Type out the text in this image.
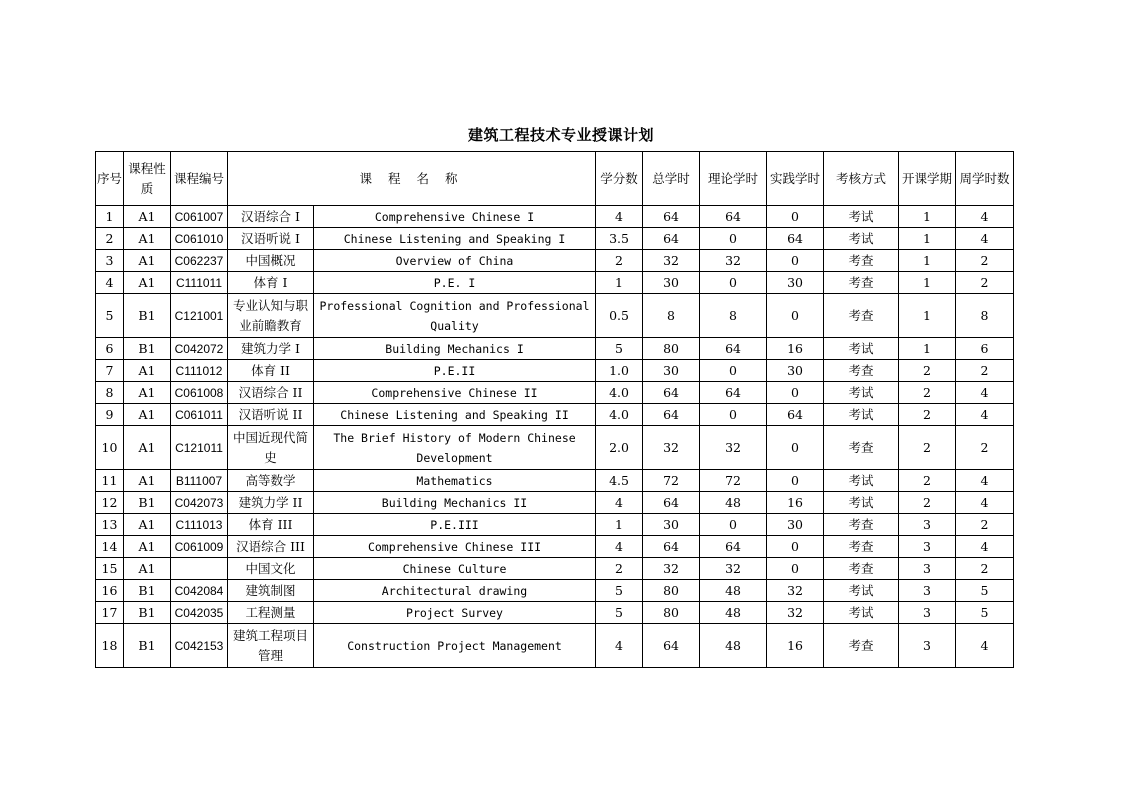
建筑工程技术专业授课计划
序号	课程性质	课程编号	课 程 名 称		学分数	总学时	理论学时	实践学时	考核方式	开课学期	周学时数
1	A1	C061007	汉语综合 I	Comprehensive Chinese I	4	64	64	0	考试	1	4
2	A1	C061010	汉语听说 I	Chinese Listening and Speaking I	3.5	64	0	64	考试	1	4
3	A1	C062237	中国概况	Overview of China	2	32	32	0	考查	1	2
4	A1	C111011	体育 I	P.E. I	1	30	0	30	考查	1	2
5	B1	C121001	专业认知与职业前瞻教育	Professional Cognition and Professional Quality	0.5	8	8	0	考查	1	8
6	B1	C042072	建筑力学 I	Building Mechanics I	5	80	64	16	考试	1	6
7	A1	C111012	体育 II	P.E.II	1.0	30	0	30	考查	2	2
8	A1	C061008	汉语综合 II	Comprehensive Chinese II	4.0	64	64	0	考试	2	4
9	A1	C061011	汉语听说 II	Chinese Listening and Speaking II	4.0	64	0	64	考试	2	4
10	A1	C121011	中国近现代简史	The Brief History of Modern Chinese Development	2.0	32	32	0	考查	2	2
11	A1	B111007	高等数学	Mathematics	4.5	72	72	0	考试	2	4
12	B1	C042073	建筑力学 II	Building Mechanics II	4	64	48	16	考试	2	4
13	A1	C111013	体育 III	P.E.III	1	30	0	30	考查	3	2
14	A1	C061009	汉语综合 III	Comprehensive Chinese III	4	64	64	0	考查	3	4
15	A1		中国文化	Chinese Culture	2	32	32	0	考查	3	2
16	B1	C042084	建筑制图	Architectural drawing	5	80	48	32	考试	3	5
17	B1	C042035	工程测量	Project Survey	5	80	48	32	考试	3	5
18	B1	C042153	建筑工程项目管理	Construction Project Management	4	64	48	16	考查	3	4
